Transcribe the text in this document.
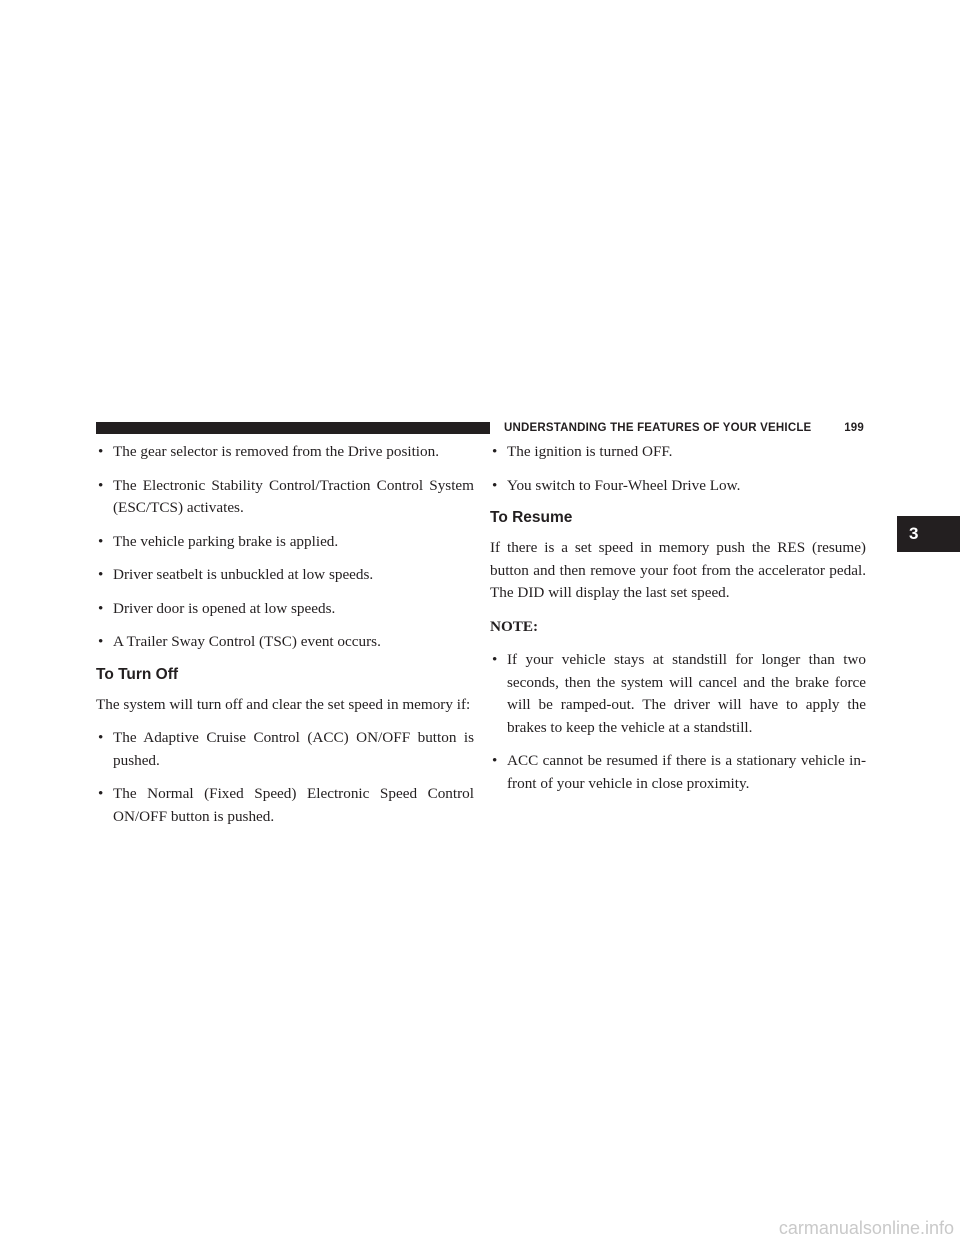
UNDERSTANDING THE FEATURES OF YOUR VEHICLE	199
3
• The gear selector is removed from the Drive position.
• The Electronic Stability Control/Traction Control System (ESC/TCS) activates.
• The vehicle parking brake is applied.
• Driver seatbelt is unbuckled at low speeds.
• Driver door is opened at low speeds.
• A Trailer Sway Control (TSC) event occurs.
To Turn Off
The system will turn off and clear the set speed in memory if:
• The Adaptive Cruise Control (ACC) ON/OFF button is pushed.
• The Normal (Fixed Speed) Electronic Speed Control ON/OFF button is pushed.
• The ignition is turned OFF.
• You switch to Four-Wheel Drive Low.
To Resume
If there is a set speed in memory push the RES (resume) button and then remove your foot from the accelerator pedal. The DID will display the last set speed.
NOTE:
• If your vehicle stays at standstill for longer than two seconds, then the system will cancel and the brake force will be ramped-out. The driver will have to apply the brakes to keep the vehicle at a standstill.
• ACC cannot be resumed if there is a stationary vehicle in-front of your vehicle in close proximity.
carmanualsonline.info
